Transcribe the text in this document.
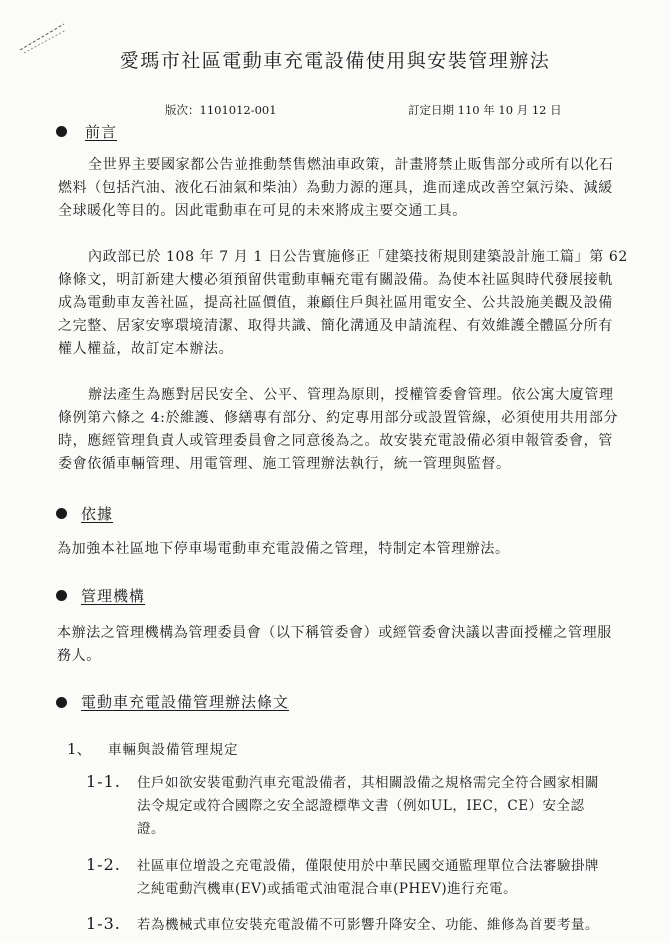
愛瑪市社區電動車充電設備使用與安裝管理辦法
版次：1101012-001	訂定日期 110 年 10 月 12 日
前言
全世界主要國家都公告並推動禁售燃油車政策，計畫將禁止販售部分或所有以化石
燃料（包括汽油、液化石油氣和柴油）為動力源的運具，進而達成改善空氣污染、減緩
全球暖化等目的。因此電動車在可見的未來將成主要交通工具。
內政部已於 108 年 7 月 1 日公告實施修正「建築技術規則建築設計施工篇」第 62
條條文，明訂新建大樓必須預留供電動車輛充電有關設備。為使本社區與時代發展接軌
成為電動車友善社區，提高社區價值，兼顧住戶與社區用電安全、公共設施美觀及設備
之完整、居家安寧環境清潔、取得共識、簡化溝通及申請流程、有效維護全體區分所有
權人權益，故訂定本辦法。
辦法產生為應對居民安全、公平、管理為原則，授權管委會管理。依公寓大廈管理
條例第六條之 4:於維護、修繕專有部分、約定專用部分或設置管線，必須使用共用部分
時，應經管理負責人或管理委員會之同意後為之。故安裝充電設備必須申報管委會，管
委會依循車輛管理、用電管理、施工管理辦法執行，統一管理與監督。
依據
為加強本社區地下停車場電動車充電設備之管理，特制定本管理辦法。
管理機構
本辦法之管理機構為管理委員會（以下稱管委會）或經管委會決議以書面授權之管理服
務人。
電動車充電設備管理辦法條文
1、 車輛與設備管理規定
1-1. 住戶如欲安裝電動汽車充電設備者，其相關設備之規格需完全符合國家相關
法令規定或符合國際之安全認證標準文書（例如UL，IEC，CE）安全認
證。
1-2. 社區車位增設之充電設備，僅限使用於中華民國交通監理單位合法審驗掛牌
之純電動汽機車(EV)或插電式油電混合車(PHEV)進行充電。
1-3. 若為機械式車位安裝充電設備不可影響升降安全、功能、維修為首要考量。
